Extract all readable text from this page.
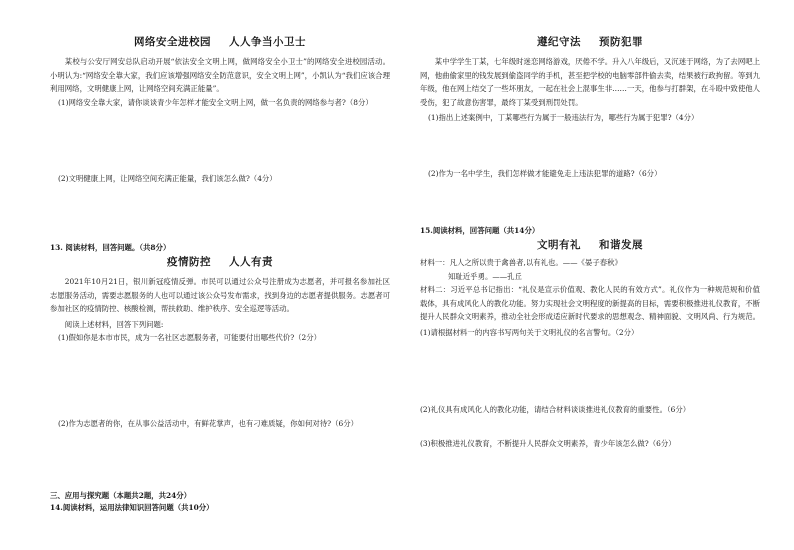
网络安全进校园 人人争当小卫士

某校与公安厅网安总队启动开展“依法安全文明上网，做网络安全小卫士”的网络安全进校园活动。小明认为:“网络安全靠大家，我们应该增强网络安全防范意识，安全文明上网”，小凯认为“我们应该合理利用网络，文明健康上网，让网络空间充满正能量”。

(1)网络安全靠大家，请你谈谈青少年怎样才能安全文明上网，做一名负责的网络参与者?（8分）

(2)文明健康上网，让网络空间充满正能量，我们该怎么做?（4分）

13. 阅读材料，回答问题。（共8分）

疫情防控 人人有责

2021年10月21日，银川新冠疫情反弹。市民可以通过公众号注册成为志愿者，并可报名参加社区志愿服务活动，需要志愿服务的人也可以通过该公众号发布需求，找到身边的志愿者提供服务。志愿者可参加社区的疫情防控、核酸检测，帮扶救助、维护秩序、安全巡逻等活动。

阅读上述材料，回答下列问题:

(1)假如你是本市市民，成为一名社区志愿服务者，可能要付出哪些代价?（2分）

(2)作为志愿者的你，在从事公益活动中，有鲜花掌声，也有刁难质疑，你如何对待?（6分）

三、应用与探究题（本题共2题，共24分）

14.阅读材料，运用法律知识回答问题（共10分）

遵纪守法 预防犯罪

某中学学生丁某，七年级时迷恋网络游戏，厌倦不学。升入八年级后，又沉迷于网络，为了去网吧上网，他曲偷家里的钱发展到偷盗同学的手机，甚至把学校的电脑零部件偷去卖，结果被行政拘留。等到九年级，他在网上结交了一些坏朋友，一起在社会上混事生非……一天，他参与打群架，在斗殴中致使他人受伤，犯了故意伤害罪，最终丁某受到刑罚处罚。

(1)指出上述案例中，丁某哪些行为属于一般违法行为，哪些行为属于犯罪?（4分）

(2)作为一名中学生，我们怎样做才能避免走上违法犯罪的道路?（6分）

15.阅读材料，回答问题（共14分）

文明有礼 和谐发展

材料一：凡人之所以贵于禽兽者,以有礼也。——《晏子春秋》

知耻近乎勇。——孔丘

材料二：习近平总书记指出：“礼仪是宣示价值观、教化人民的有效方式”。礼仪作为一种规范规和价值载体，具有成风化人的教化功能。努力实现社会文明程度的新提高的目标，需要积极推进礼仪教育，不断提升人民群众文明素养，推动全社会形成适应新时代要求的思想观念、精神面貌、文明风尚、行为规范。

(1)请根据材料一的内容书写两句关于文明礼仪的名言警句。（2分）

(2)礼仪具有成风化人的教化功能，请结合材料谈谈推进礼仪教育的重要性。（6分）

(3)积极推进礼仪教育，不断提升人民群众文明素养，青少年该怎么做?（6分）
